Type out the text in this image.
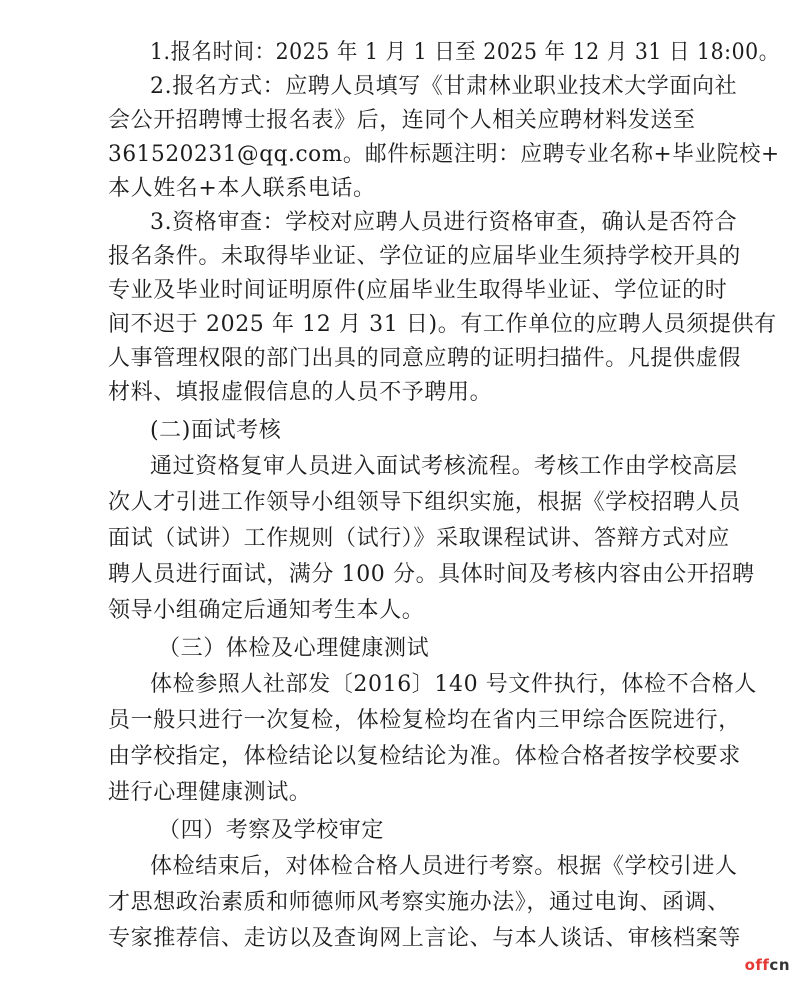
1.报名时间：2025 年 1 月 1 日至 2025 年 12 月 31 日 18:00。
2.报名方式：应聘人员填写《甘肃林业职业技术大学面向社
会公开招聘博士报名表》后，连同个人相关应聘材料发送至
361520231@qq.com。邮件标题注明：应聘专业名称+毕业院校+
本人姓名+本人联系电话。
3.资格审查：学校对应聘人员进行资格审查，确认是否符合
报名条件。未取得毕业证、学位证的应届毕业生须持学校开具的
专业及毕业时间证明原件(应届毕业生取得毕业证、学位证的时
间不迟于 2025 年 12 月 31 日)。有工作单位的应聘人员须提供有
人事管理权限的部门出具的同意应聘的证明扫描件。凡提供虚假
材料、填报虚假信息的人员不予聘用。
(二)面试考核
通过资格复审人员进入面试考核流程。考核工作由学校高层
次人才引进工作领导小组领导下组织实施，根据《学校招聘人员
面试（试讲）工作规则（试行）》采取课程试讲、答辩方式对应
聘人员进行面试，满分 100 分。具体时间及考核内容由公开招聘
领导小组确定后通知考生本人。
（三）体检及心理健康测试
体检参照人社部发〔2016〕140 号文件执行，体检不合格人
员一般只进行一次复检，体检复检均在省内三甲综合医院进行，
由学校指定，体检结论以复检结论为准。体检合格者按学校要求
进行心理健康测试。
（四）考察及学校审定
体检结束后，对体检合格人员进行考察。根据《学校引进人
才思想政治素质和师德师风考察实施办法》，通过电询、函调、
专家推荐信、走访以及查询网上言论、与本人谈话、审核档案等
offcn
